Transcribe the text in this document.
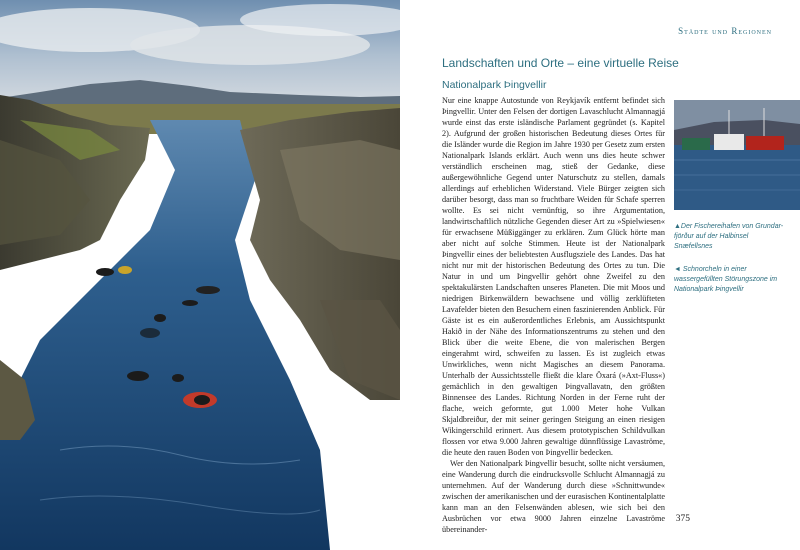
Städte und Regionen
Landschaften und Orte – eine virtuelle Reise
Nationalpark Þingvellir

Nur eine knappe Autostunde von Reykjavík entfernt befindet sich Þingvellir. Unter den Felsen der dortigen Lavaschlucht Almannagjá wurde einst das erste isländische Parlament gegründet (s. Kapitel 2). Aufgrund der großen historischen Bedeutung dieses Ortes für die Isländer wurde die Region im Jahre 1930 per Gesetz zum ersten Nationalpark Islands erklärt. Auch wenn uns dies heute schwer verständlich erscheinen mag, stieß der Gedanke, diese außergewöhnliche Gegend unter Naturschutz zu stellen, damals allerdings auf erheblichen Widerstand. Viele Bürger zeigten sich darüber besorgt, dass man so fruchtbare Weiden für Schafe sperren wollte. Es sei nicht vernünftig, so ihre Argumentation, landwirtschaftlich nützliche Gegenden dieser Art zu »Spielwiesen« für erwachsene Müßiggänger zu erklären. Zum Glück hörte man aber nicht auf solche Stimmen. Heute ist der Nationalpark Þingvellir eines der beliebtesten Ausflugsziele des Landes. Das hat nicht nur mit der historischen Bedeutung des Ortes zu tun. Die Natur in und um Þingvellir gehört ohne Zweifel zu den spektakulärsten Landschaften unseres Planeten. Die mit Moos und niedrigen Birkenwäldern bewachsene und völlig zerklüfteten Lavafelder bieten den Besuchern einen faszinierenden Anblick. Für Gäste ist es ein außerordentliches Erlebnis, am Aussichtspunkt Hakið in der Nähe des Informationszentrums zu stehen und den Blick über die weite Ebene, die von malerischen Bergen eingerahmt wird, schweifen zu lassen. Es ist zugleich etwas Unwirkliches, wenn nicht Magisches an diesem Panorama. Unterhalb der Aussichtsstelle fließt die klare Öxará (»Axt-Fluss«) gemächlich in den gewaltigen Þingvallavatn, den größten Binnensee des Landes. Richtung Norden in der Ferne ruht der flache, weich geformte, gut 1.000 Meter hohe Vulkan Skjaldbreiður, der mit seiner geringen Steigung an einen riesigen Wikingerschild erinnert. Aus diesem prototypischen Schildvulkan flossen vor etwa 9.000 Jahren gewaltige dünnflüssige Lavaströme, die heute den rauen Boden von Þingvellir bedecken.

Wer den Nationalpark Þingvellir besucht, sollte nicht versäumen, eine Wanderung durch die eindrucksvolle Schlucht Almannagjá zu unternehmen. Auf der Wanderung durch diese »Schnittwunde« zwischen der amerikanischen und der eurasischen Kontinentalplatte kann man an den Felsenwänden ablesen, wie sich bei den Ausbrüchen vor etwa 9000 Jahren einzelne Lavaströme übereinander-

▲Der Fischereihafen von Grundar-fjörður auf der Halbinsel Snæfellsnes
◄ Schnorcheln in einer wassergefüllten Störungszone im Nationalpark Þingvellir
375
